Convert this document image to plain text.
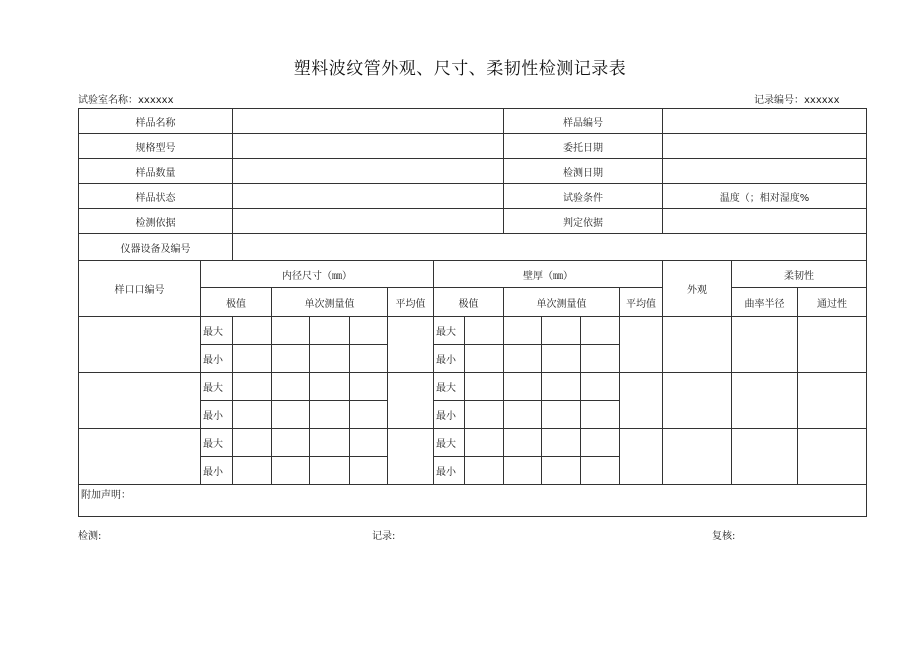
塑料波纹管外观、尺寸、柔韧性检测记录表
试验室名称：xxxxxx	记录编号：xxxxxx
样品名称									样品编号						
规格型号									委托日期						
样品数量									检测日期						
样品状态									试验条件				温度（；相对湿度%		
检测依据									判定依据						
仪器设备及编号															
样口口编号	内径尺寸（㎜）						壁厚（㎜）						外观	柔韧性	
	极值		单次测量值			平均值	极值		单次测量值			平均值		曲率半径	通过性
	最大						最大								
	最小						最小								
	最大						最大								
	最小						最小								
	最大						最大								
	最小						最小								
附加声明：															
检测:	记录:	复核:
